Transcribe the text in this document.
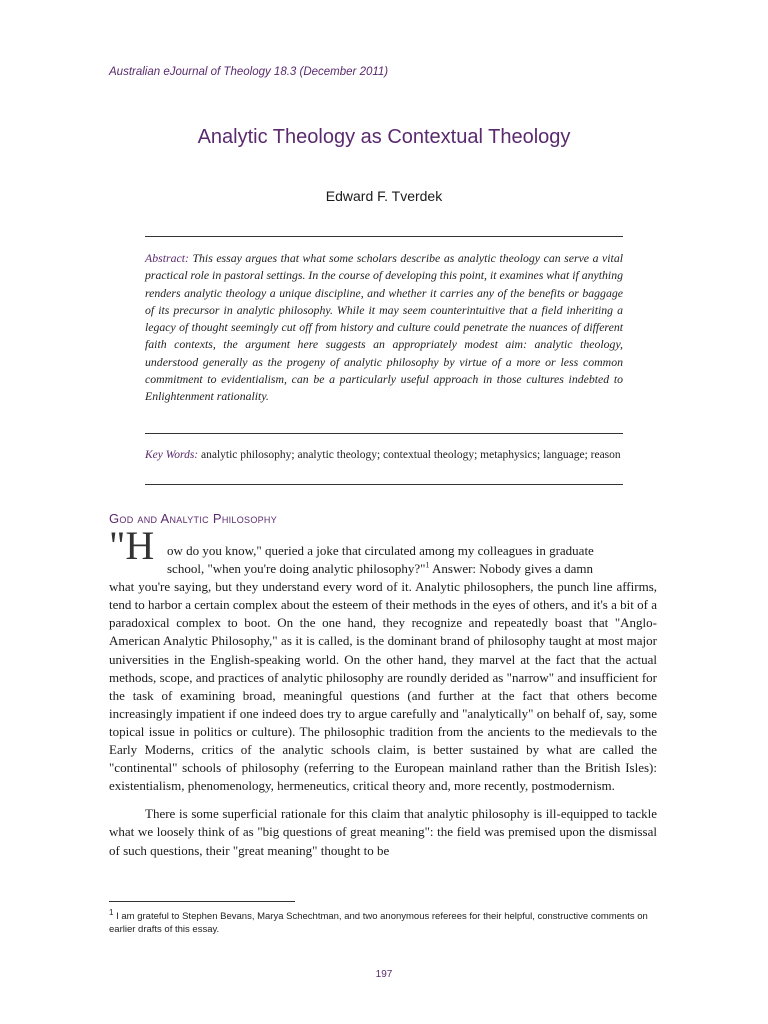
Australian eJournal of Theology 18.3 (December 2011)
Analytic Theology as Contextual Theology
Edward F. Tverdek
Abstract: This essay argues that what some scholars describe as analytic theology can serve a vital practical role in pastoral settings. In the course of developing this point, it examines what if anything renders analytic theology a unique discipline, and whether it carries any of the benefits or baggage of its precursor in analytic philosophy. While it may seem counterintuitive that a field inheriting a legacy of thought seemingly cut off from history and culture could penetrate the nuances of different faith contexts, the argument here suggests an appropriately modest aim: analytic theology, understood generally as the progeny of analytic philosophy by virtue of a more or less common commitment to evidentialism, can be a particularly useful approach in those cultures indebted to Enlightenment rationality.
Key Words: analytic philosophy; analytic theology; contextual theology; metaphysics; language; reason
God and Analytic Philosophy
"H ow do you know," queried a joke that circulated among my colleagues in graduate
school, "when you're doing analytic philosophy?"$^1$ Answer: Nobody gives a damn
what you're saying, but they understand every word of it. Analytic philosophers, the punch line affirms, tend to harbor a certain complex about the esteem of their methods in the eyes of others, and it's a bit of a paradoxical complex to boot. On the one hand, they recognize and repeatedly boast that "Anglo-American Analytic Philosophy," as it is called, is the dominant brand of philosophy taught at most major universities in the English-speaking world. On the other hand, they marvel at the fact that the actual methods, scope, and practices of analytic philosophy are roundly derided as "narrow" and insufficient for the task of examining broad, meaningful questions (and further at the fact that others become increasingly impatient if one indeed does try to argue carefully and "analytically" on behalf of, say, some topical issue in politics or culture). The philosophic tradition from the ancients to the medievals to the Early Moderns, critics of the analytic schools claim, is better sustained by what are called the "continental" schools of philosophy (referring to the European mainland rather than the British Isles): existentialism, phenomenology, hermeneutics, critical theory and, more recently, postmodernism.

There is some superficial rationale for this claim that analytic philosophy is ill-equipped to tackle what we loosely think of as "big questions of great meaning": the field was premised upon the dismissal of such questions, their "great meaning" thought to be

$^1$ I am grateful to Stephen Bevans, Marya Schechtman, and two anonymous referees for their helpful, constructive comments on earlier drafts of this essay.
197
